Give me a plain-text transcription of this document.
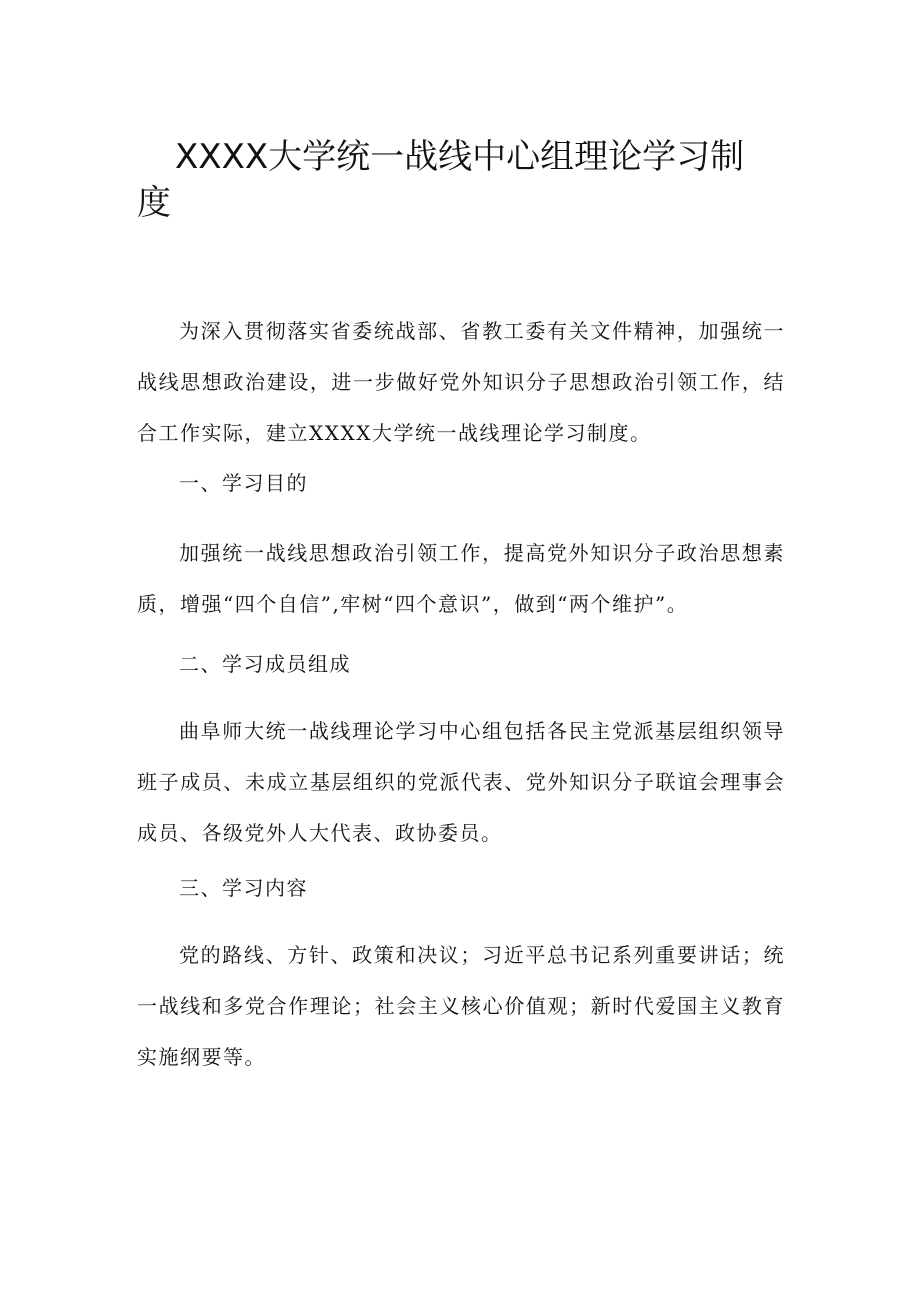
XXXX大学统一战线中心组理论学习制度

为深入贯彻落实省委统战部、省教工委有关文件精神，加强统一战线思想政治建设，进一步做好党外知识分子思想政治引领工作，结合工作实际，建立XXXX大学统一战线理论学习制度。

一、学习目的

加强统一战线思想政治引领工作，提高党外知识分子政治思想素质，增强“四个自信”,牢树“四个意识”，做到“两个维护”。

二、学习成员组成

曲阜师大统一战线理论学习中心组包括各民主党派基层组织领导班子成员、未成立基层组织的党派代表、党外知识分子联谊会理事会成员、各级党外人大代表、政协委员。

三、学习内容

党的路线、方针、政策和决议；习近平总书记系列重要讲话；统一战线和多党合作理论；社会主义核心价值观；新时代爱国主义教育实施纲要等。
